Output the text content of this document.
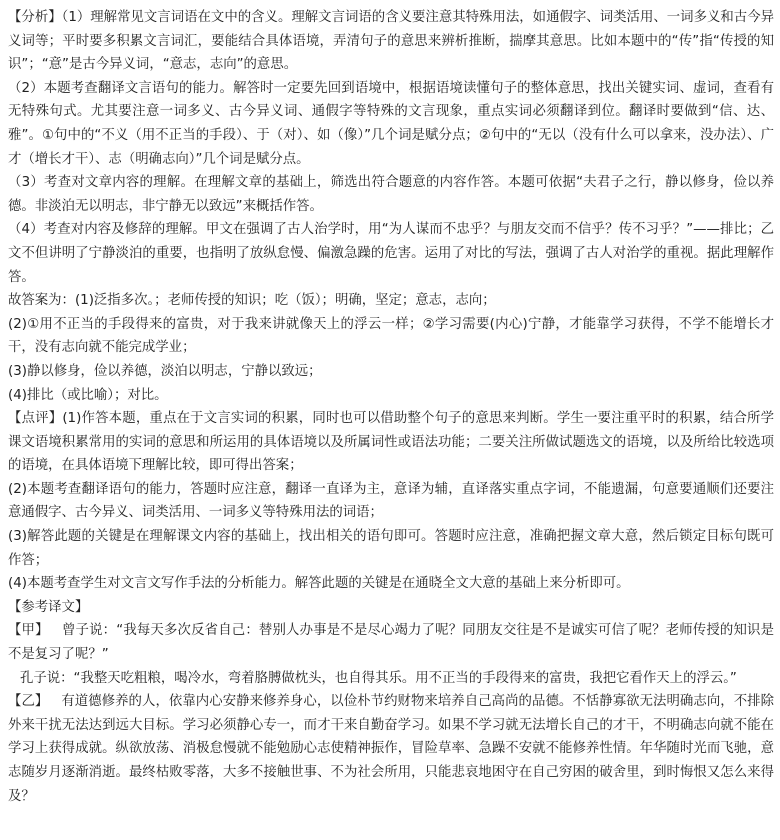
【分析】（1）理解常见文言词语在文中的含义。理解文言词语的含义要注意其特殊用法，如通假字、词类活用、一词多义和古今异义词等；平时要多积累文言词汇，要能结合具体语境，弄清句子的意思来辨析推断，揣摩其意思。比如本题中的“传”指“传授的知识”；“意”是古今异义词，“意志，志向”的意思。

（2）本题考查翻译文言语句的能力。解答时一定要先回到语境中，根据语境读懂句子的整体意思，找出关键实词、虚词，查看有无特殊句式。尤其要注意一词多义、古今异义词、通假字等特殊的文言现象，重点实词必须翻译到位。翻译时要做到“信、达、雅”。①句中的“不义（用不正当的手段）、于（对）、如（像）”几个词是赋分点；②句中的“无以（没有什么可以拿来，没办法）、广才（增长才干）、志（明确志向）”几个词是赋分点。

（3）考查对文章内容的理解。在理解文章的基础上，筛选出符合题意的内容作答。本题可依据“夫君子之行，静以修身，俭以养德。非淡泊无以明志，非宁静无以致远”来概括作答。

（4）考查对内容及修辞的理解。甲文在强调了古人治学时，用“为人谋而不忠乎？与朋友交而不信乎？传不习乎？”——排比；乙文不但讲明了宁静淡泊的重要，也指明了放纵怠慢、偏激急躁的危害。运用了对比的写法，强调了古人对治学的重视。据此理解作答。

故答案为：(1)泛指多次。；老师传授的知识；吃（饭）；明确，坚定；意志，志向；

(2)①用不正当的手段得来的富贵，对于我来讲就像天上的浮云一样；②学习需要(内心)宁静，才能靠学习获得，不学不能增长才干，没有志向就不能完成学业；

(3)静以修身，俭以养德，淡泊以明志，宁静以致远；

(4)排比（或比喻）；对比。

【点评】(1)作答本题，重点在于文言实词的积累，同时也可以借助整个句子的意思来判断。学生一要注重平时的积累，结合所学课文语境积累常用的实词的意思和所运用的具体语境以及所属词性或语法功能；二要关注所做试题选文的语境，以及所给比较选项的语境，在具体语境下理解比较，即可得出答案；

(2)本题考查翻译语句的能力，答题时应注意，翻译一直译为主，意译为辅，直译落实重点字词，不能遗漏，句意要通顺们还要注意通假字、古今异义、词类活用、一词多义等特殊用法的词语；

(3)解答此题的关键是在理解课文内容的基础上，找出相关的语句即可。答题时应注意，准确把握文章大意，然后锁定目标句既可作答；

(4)本题考查学生对文言文写作手法的分析能力。解答此题的关键是在通晓全文大意的基础上来分析即可。

【参考译文】

【甲】 曾子说：“我每天多次反省自己：替别人办事是不是尽心竭力了呢？同朋友交往是不是诚实可信了呢？老师传授的知识是不是复习了呢？”

孔子说：“我整天吃粗粮，喝冷水，弯着胳膊做枕头，也自得其乐。用不正当的手段得来的富贵，我把它看作天上的浮云。”

【乙】 有道德修养的人，依靠内心安静来修养身心，以俭朴节约财物来培养自己高尚的品德。不恬静寡欲无法明确志向，不排除外来干扰无法达到远大目标。学习必须静心专一，而才干来自勤奋学习。如果不学习就无法增长自己的才干，不明确志向就不能在学习上获得成就。纵欲放荡、消极怠慢就不能勉励心志使精神振作，冒险草率、急躁不安就不能修养性情。年华随时光而飞驰，意志随岁月逐渐消逝。最终枯败零落，大多不接触世事、不为社会所用，只能悲哀地困守在自己穷困的破舍里，到时悔恨又怎么来得及？
